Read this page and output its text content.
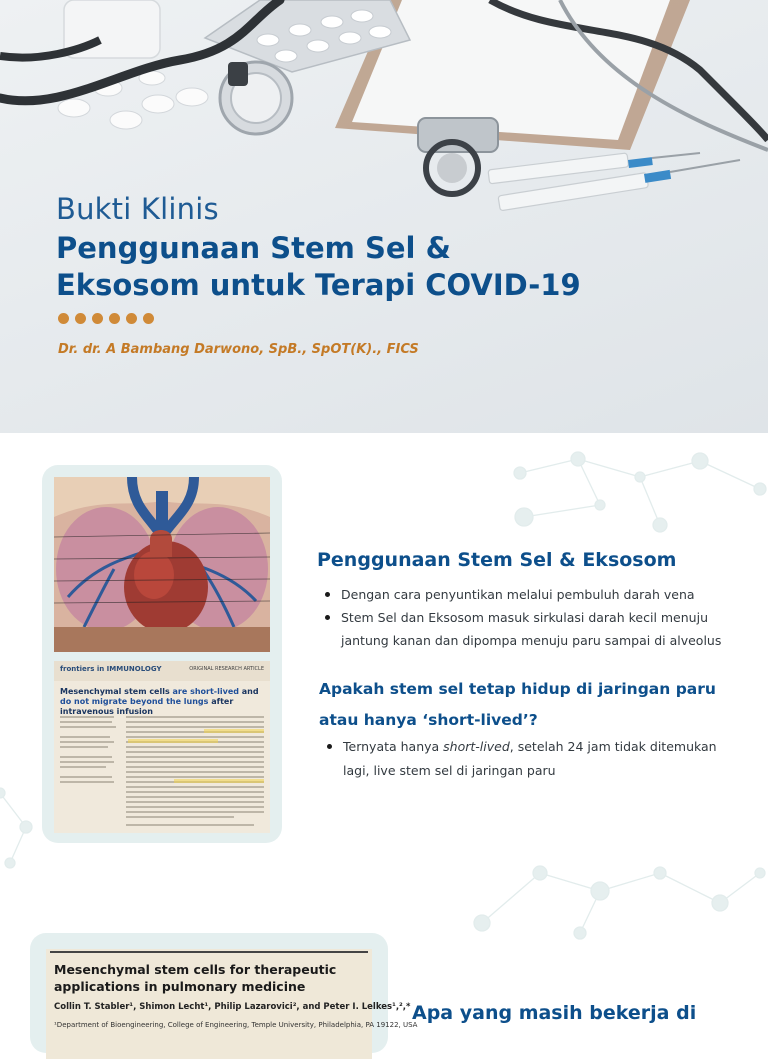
Bukti Klinis
Penggunaan Stem Sel &
Eksosom untuk Terapi COVID-19
Dr. dr. A Bambang Darwono, SpB., SpOT(K)., FICS
frontiers in IMMUNOLOGY	ORIGINAL RESEARCH ARTICLE
Mesenchymal stem cells are short-lived and do not migrate beyond the lungs after intravenous infusion
Penggunaan Stem Sel & Eksosom
Dengan cara penyuntikan melalui pembuluh darah vena
Stem Sel dan Eksosom masuk sirkulasi darah kecil menuju jantung kanan dan dipompa menuju paru sampai di alveolus
Apakah stem sel tetap hidup di jaringan paru atau hanya ‘short-lived’?
Ternyata hanya short-lived, setelah 24 jam tidak ditemukan lagi, live stem sel di jaringan paru
Mesenchymal stem cells for therapeutic applications in pulmonary medicine
Collin T. Stabler¹, Shimon Lecht¹, Philip Lazarovici², and Peter I. Lelkes¹,²,*
¹Department of Bioengineering, College of Engineering, Temple University, Philadelphia, PA 19122, USA
Apa yang masih bekerja di
